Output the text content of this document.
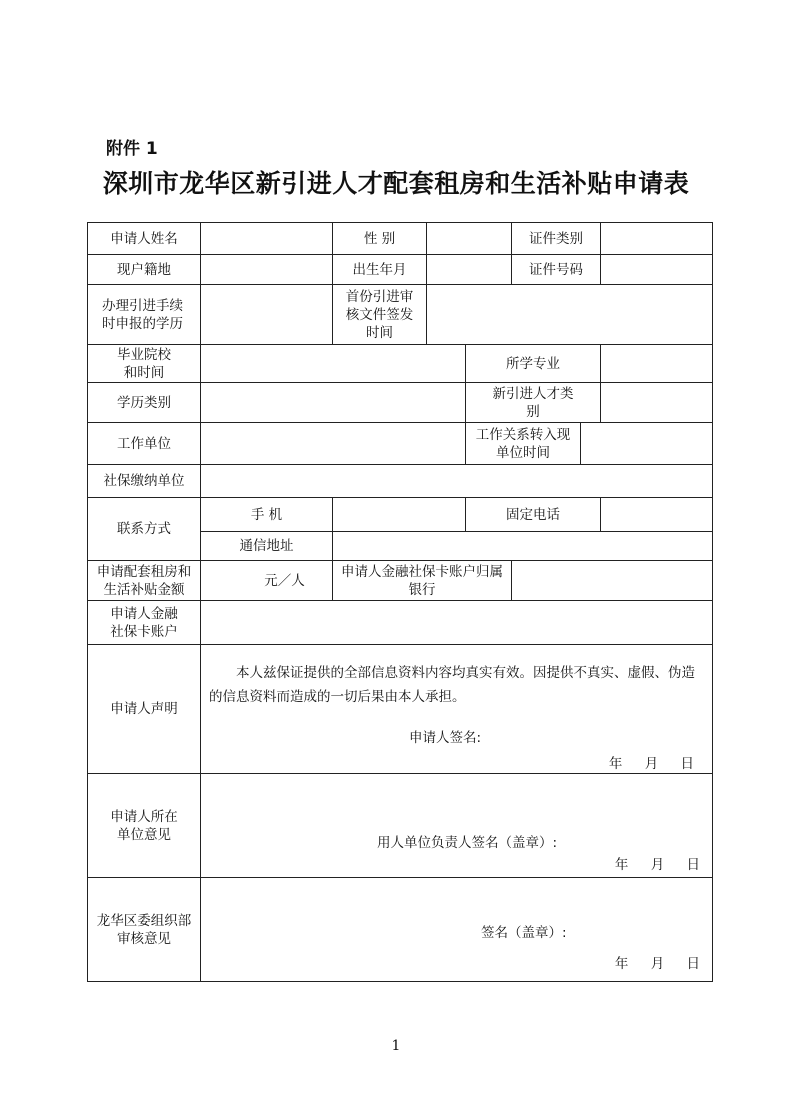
附件 1
深圳市龙华区新引进人才配套租房和生活补贴申请表
申请人姓名		性 别			证件类别		
现户籍地		出生年月			证件号码		

办理引进手续时申报的学历		首份引进审核文件签发时间					

毕业院校和时间				所学专业			
学历类别				新引进人才类别			

工作单位				工作关系转入现单位时间			

社保缴纳单位							
联系方式	手 机			固定电话			
	通信地址						

申请配套租房和生活补贴金额	元／人	申请人金融社保卡账户归属银行					

申请人金融社保卡账户							

申请人声明	本人兹保证提供的全部信息资料内容均真实有效。因提供不真实、虚假、伪造的信息资料而造成的一切后果由本人承担。

申请人签名:
年 月 日						

申请人所在单位意见	用人单位负责人签名（盖章）:
年 月 日						

龙华区委组织部审核意见	签名（盖章）:
年 月 日						
1
